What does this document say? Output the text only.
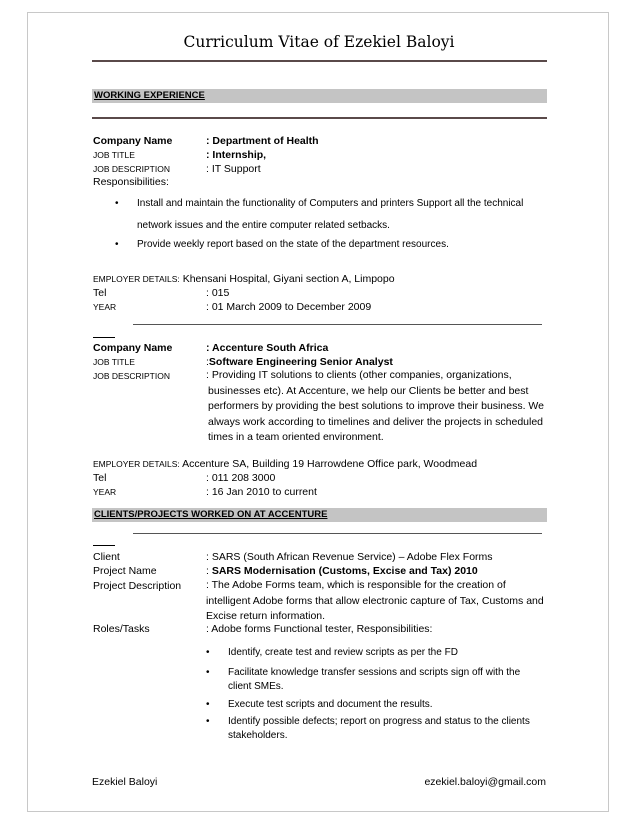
Curriculum Vitae of Ezekiel Baloyi
WORKING EXPERIENCE
Company Name	: Department of Health
JOB TITLE	: Internship,
JOB DESCRIPTION	: IT Support
Responsibilities:
• Install and maintain the functionality of Computers and printers Support all the technical
network issues and the entire computer related setbacks.
• Provide weekly report based on the state of the department resources.
EMPLOYER DETAILS: Khensani Hospital, Giyani section A, Limpopo
Tel	: 015
YEAR	: 01 March 2009 to December 2009
Company Name	: Accenture South Africa
JOB TITLE	:Software Engineering Senior Analyst
JOB DESCRIPTION	: Providing IT solutions to clients (other companies, organizations,
businesses etc). At Accenture, we help our Clients be better and best
performers by providing the best solutions to improve their business. We
always work according to timelines and deliver the projects in scheduled
times in a team oriented environment.
EMPLOYER DETAILS: Accenture SA, Building 19 Harrowdene Office park, Woodmead
Tel	: 011 208 3000
YEAR	: 16 Jan 2010 to current
CLIENTS/PROJECTS WORKED ON AT ACCENTURE
Client	: SARS (South African Revenue Service) – Adobe Flex Forms
Project Name	: SARS Modernisation (Customs, Excise and Tax) 2010
Project Description : The Adobe Forms team, which is responsible for the creation of
intelligent Adobe forms that allow electronic capture of Tax, Customs and
Excise return information.
Roles/Tasks	: Adobe forms Functional tester, Responsibilities:
• Identify, create test and review scripts as per the FD
• Facilitate knowledge transfer sessions and scripts sign off with the
client SMEs.
• Execute test scripts and document the results.
• Identify possible defects; report on progress and status to the clients
stakeholders.
Ezekiel Baloyi	ezekiel.baloyi@gmail.com
